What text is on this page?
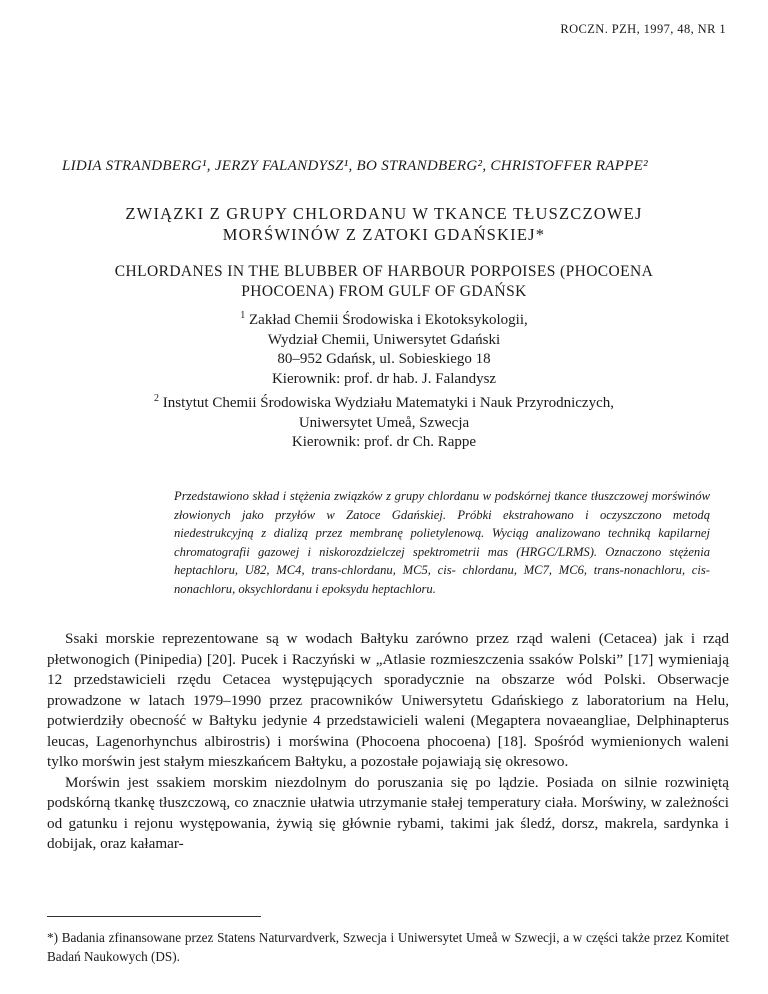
ROCZN. PZH, 1997, 48, NR 1
LIDIA STRANDBERG¹, JERZY FALANDYSZ¹, BO STRANDBERG², CHRISTOFFER RAPPE²
ZWIĄZKI Z GRUPY CHLORDANU W TKANCE TŁUSZCZOWEJ
MORŚWINÓW Z ZATOKI GDAŃSKIEJ*
CHLORDANES IN THE BLUBBER OF HARBOUR PORPOISES (PHOCOENA
PHOCOENA) FROM GULF OF GDAŃSK
$^1$ Zakład Chemii Środowiska i Ekotoksykologii,
Wydział Chemii, Uniwersytet Gdański
80–952 Gdańsk, ul. Sobieskiego 18
Kierownik: prof. dr hab. J. Falandysz
$^2$ Instytut Chemii Środowiska Wydziału Matematyki i Nauk Przyrodniczych,
Uniwersytet Umeå, Szwecja
Kierownik: prof. dr Ch. Rappe
Przedstawiono skład i stężenia związków z grupy chlordanu w podskórnej tkance tłuszczowej morświnów złowionych jako przyłów w Zatoce Gdańskiej. Próbki ekstrahowano i oczyszczono metodą niedestrukcyjną z dializą przez membranę polietylenową. Wyciąg analizowano techniką kapilarnej chromatografii gazowej i niskorozdzielczej spektrometrii mas (HRGC/LRMS). Oznaczono stężenia heptachloru, U82, MC4, trans-chlordanu, MC5, cis- chlordanu, MC7, MC6, trans-nonachloru, cis-nonachloru, oksychlordanu i epoksydu heptachloru.

Ssaki morskie reprezentowane są w wodach Bałtyku zarówno przez rząd waleni (Cetacea) jak i rząd płetwonogich (Pinipedia) [20]. Pucek i Raczyński w „Atlasie rozmieszczenia ssaków Polski” [17] wymieniają 12 przedstawicieli rzędu Cetacea występujących sporadycznie na obszarze wód Polski. Obserwacje prowadzone w latach 1979–1990 przez pracowników Uniwersytetu Gdańskiego z laboratorium na Helu, potwierdziły obecność w Bałtyku jedynie 4 przedstawicieli waleni (Megaptera novaeangliae, Delphinapterus leucas, Lagenorhynchus albirostris) i morświna (Phocoena phocoena) [18]. Spośród wymienionych waleni tylko morświn jest stałym mieszkańcem Bałtyku, a pozostałe pojawiają się okresowo.

Morświn jest ssakiem morskim niezdolnym do poruszania się po lądzie. Posiada on silnie rozwiniętą podskórną tkankę tłuszczową, co znacznie ułatwia utrzymanie stałej temperatury ciała. Morświny, w zależności od gatunku i rejonu występowania, żywią się głównie rybami, takimi jak śledź, dorsz, makrela, sardynka i dobijak, oraz kałamar-

*) Badania zfinansowane przez Statens Naturvardverk, Szwecja i Uniwersytet Umeå w Szwecji, a w części także przez Komitet Badań Naukowych (DS).
